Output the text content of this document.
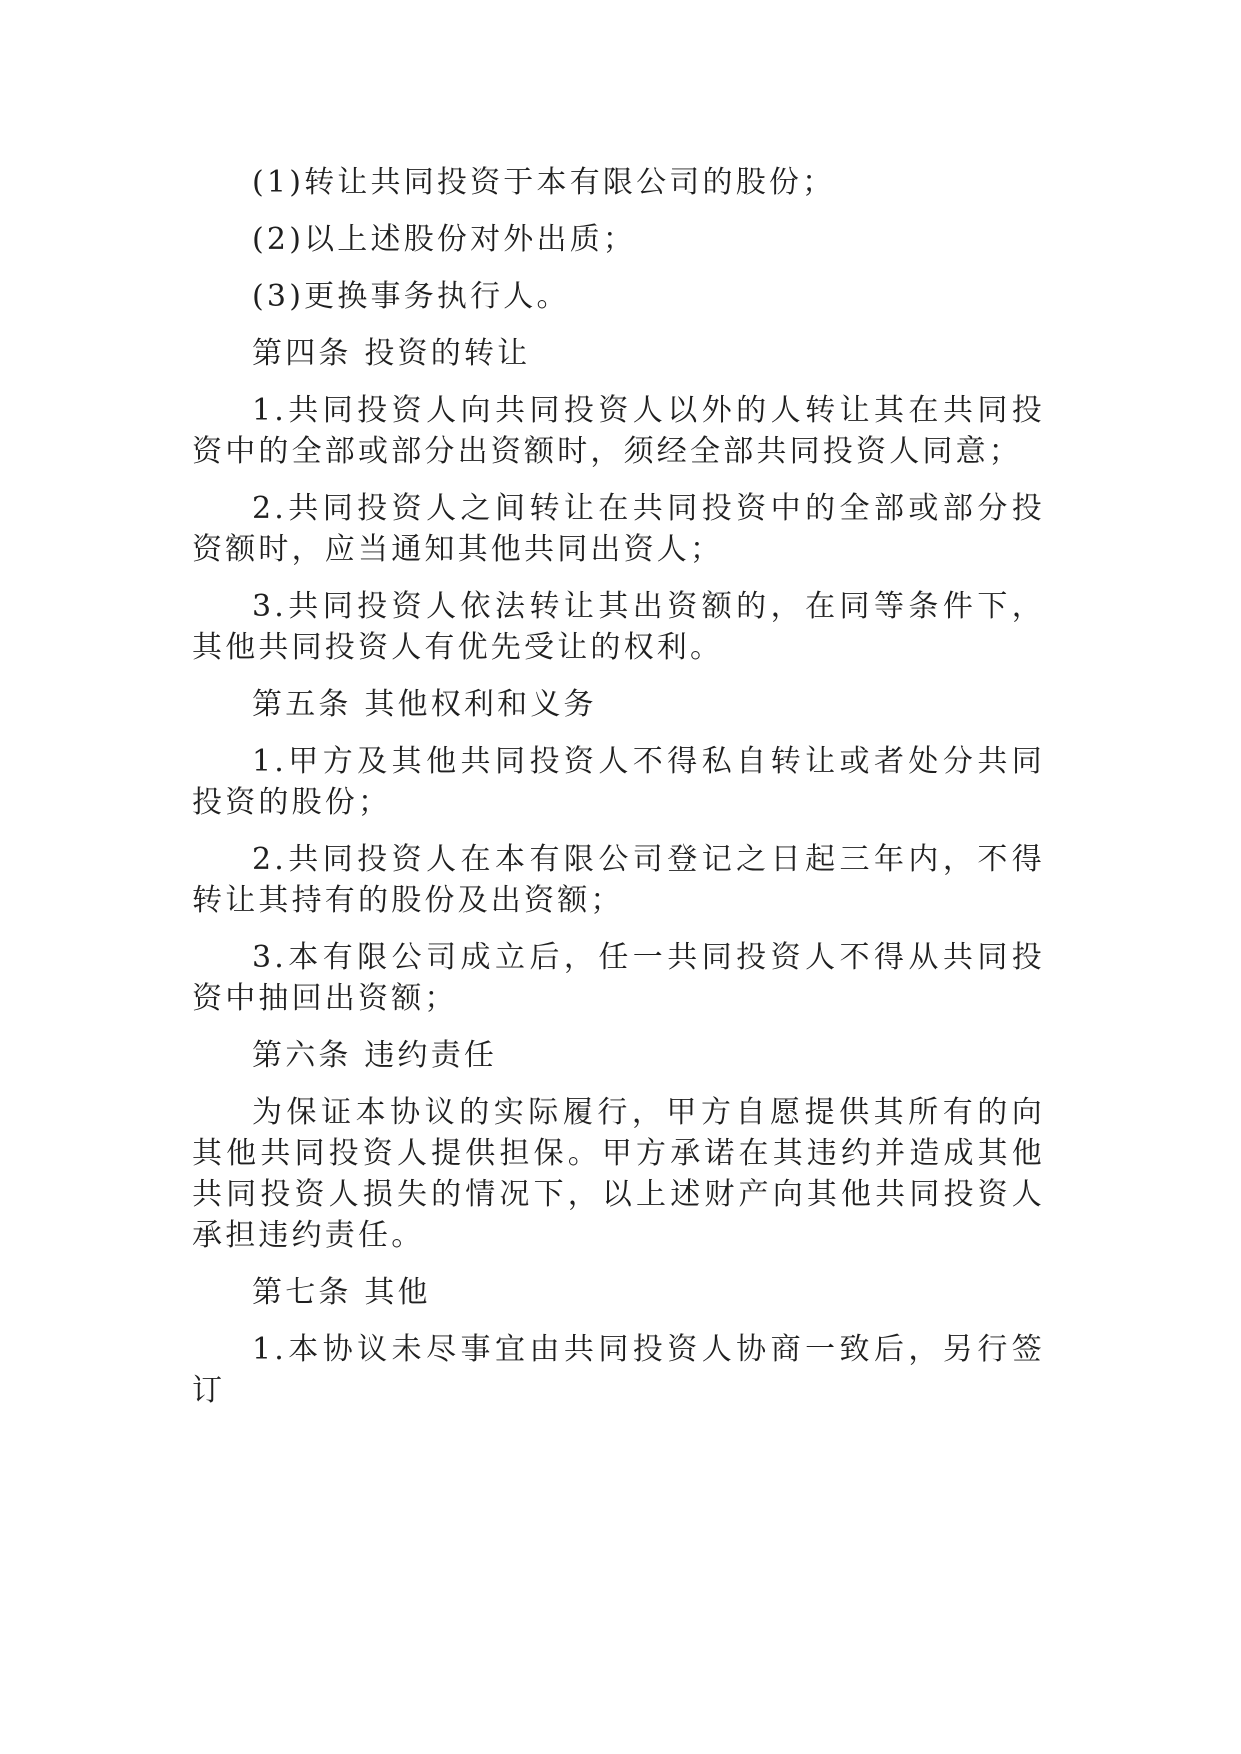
(1)转让共同投资于本有限公司的股份；

(2)以上述股份对外出质；

(3)更换事务执行人。

第四条 投资的转让

1.共同投资人向共同投资人以外的人转让其在共同投资中的全部或部分出资额时，须经全部共同投资人同意；

2.共同投资人之间转让在共同投资中的全部或部分投资额时，应当通知其他共同出资人；

3.共同投资人依法转让其出资额的，在同等条件下，其他共同投资人有优先受让的权利。

第五条 其他权利和义务

1.甲方及其他共同投资人不得私自转让或者处分共同投资的股份；

2.共同投资人在本有限公司登记之日起三年内，不得转让其持有的股份及出资额；

3.本有限公司成立后，任一共同投资人不得从共同投资中抽回出资额；

第六条 违约责任

为保证本协议的实际履行，甲方自愿提供其所有的向其他共同投资人提供担保。甲方承诺在其违约并造成其他共同投资人损失的情况下，以上述财产向其他共同投资人承担违约责任。

第七条 其他

1.本协议未尽事宜由共同投资人协商一致后，另行签订
